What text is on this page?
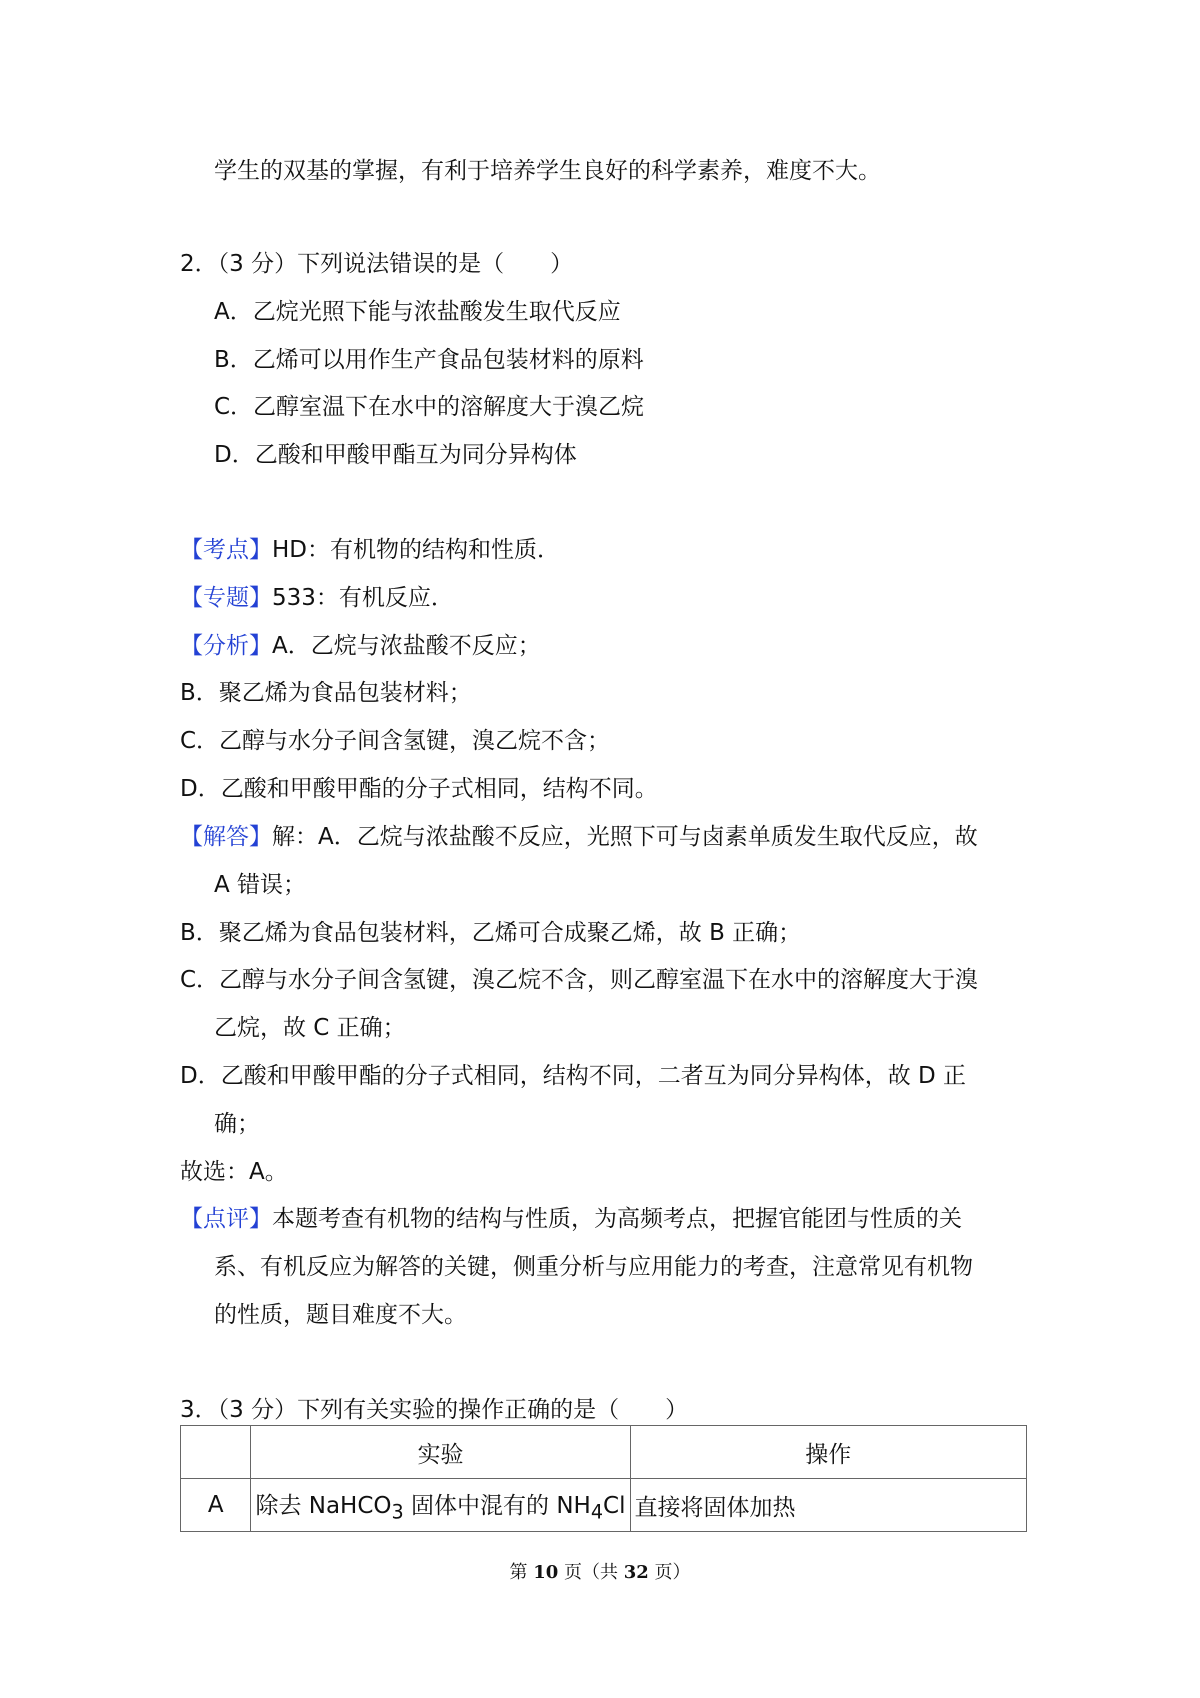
学生的双基的掌握，有利于培养学生良好的科学素养，难度不大。
2．（3 分）下列说法错误的是（　　）
A．乙烷光照下能与浓盐酸发生取代反应
B．乙烯可以用作生产食品包装材料的原料
C．乙醇室温下在水中的溶解度大于溴乙烷
D．乙酸和甲酸甲酯互为同分异构体
【考点】HD：有机物的结构和性质．
【专题】533：有机反应．
【分析】A．乙烷与浓盐酸不反应；
B．聚乙烯为食品包装材料；
C．乙醇与水分子间含氢键，溴乙烷不含；
D．乙酸和甲酸甲酯的分子式相同，结构不同。
【解答】解：A．乙烷与浓盐酸不反应，光照下可与卤素单质发生取代反应，故
A 错误；
B．聚乙烯为食品包装材料，乙烯可合成聚乙烯，故 B 正确；
C．乙醇与水分子间含氢键，溴乙烷不含，则乙醇室温下在水中的溶解度大于溴
乙烷，故 C 正确；
D．乙酸和甲酸甲酯的分子式相同，结构不同，二者互为同分异构体，故 D 正
确；
故选：A。
【点评】本题考查有机物的结构与性质，为高频考点，把握官能团与性质的关
系、有机反应为解答的关键，侧重分析与应用能力的考查，注意常见有机物
的性质，题目难度不大。
3．（3 分）下列有关实验的操作正确的是（　　）
	实验	操作
A	除去 NaHCO$_3$ 固体中混有的 $NH_4Cl$	直接将固体加热
第 10 页（共 32 页）
